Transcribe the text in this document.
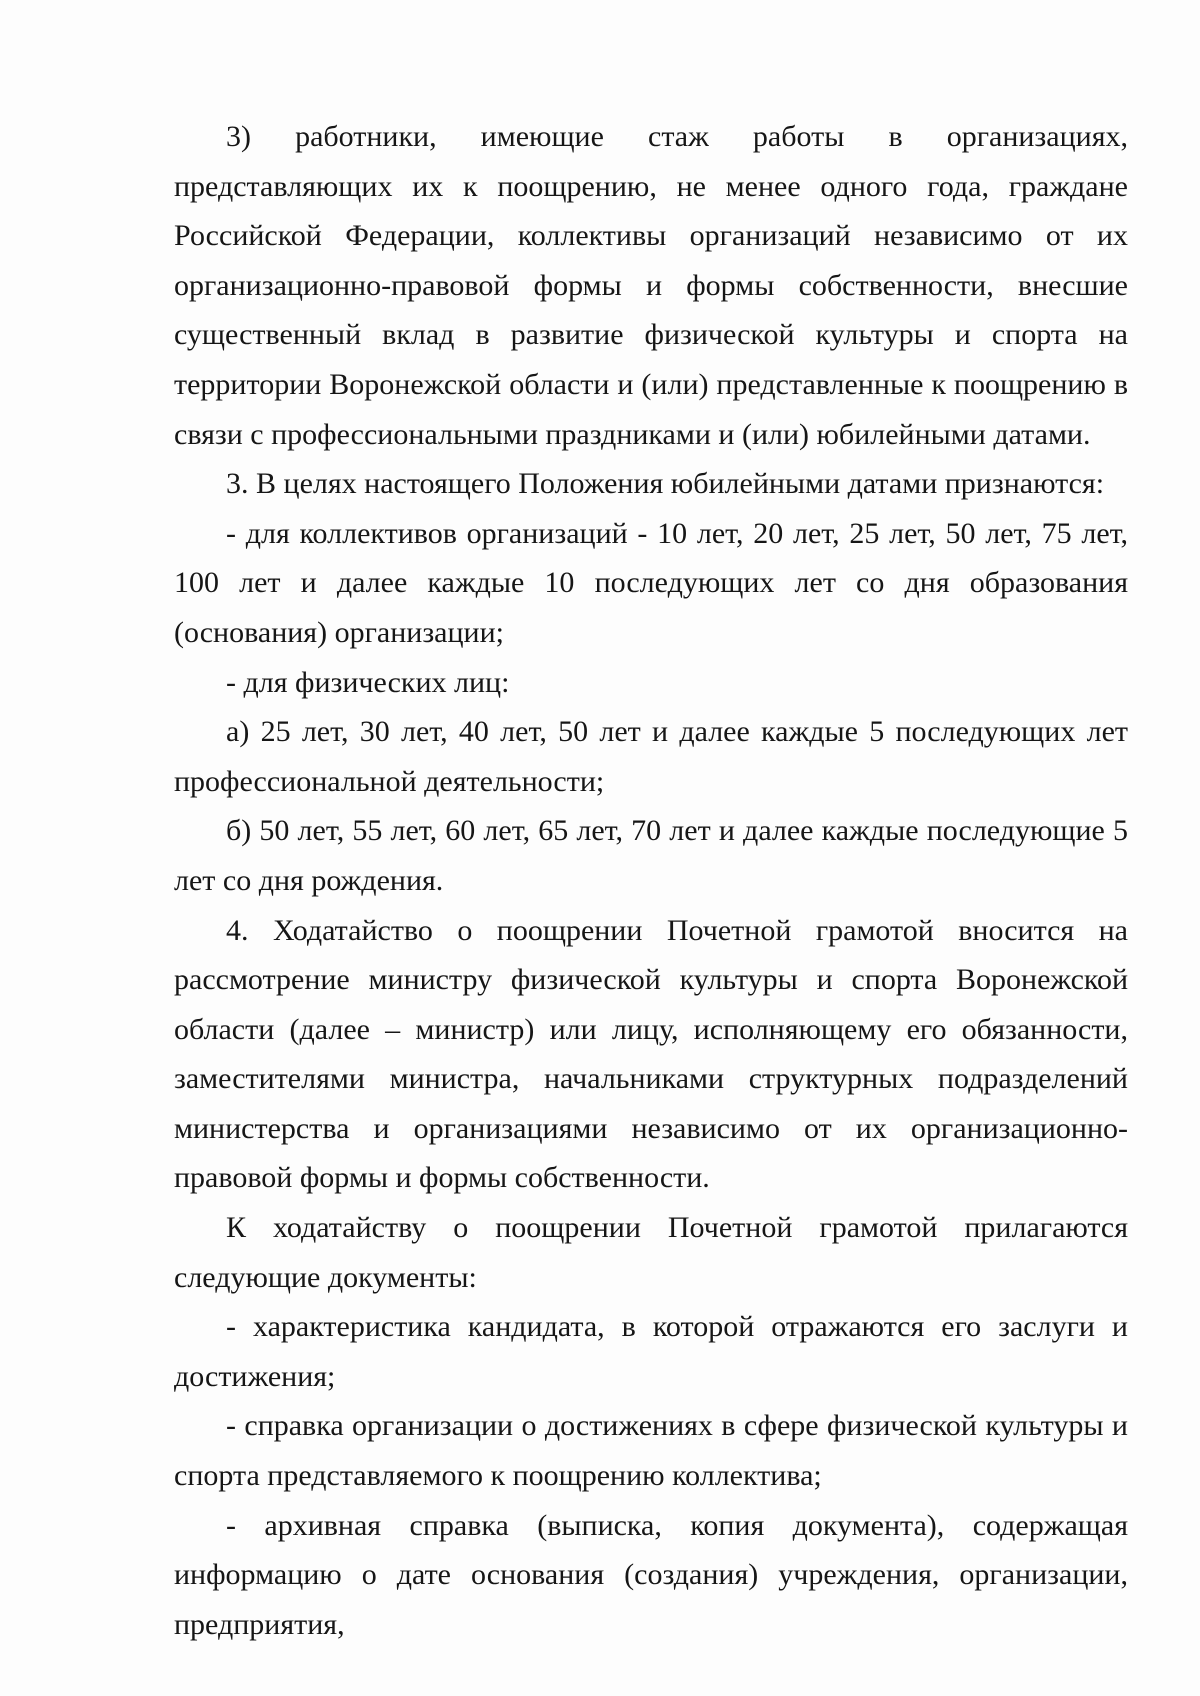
3) работники, имеющие стаж работы в организациях, представляющих их к поощрению, не менее одного года, граждане Российской Федерации, коллективы организаций независимо от их организационно-правовой формы и формы собственности, внесшие существенный вклад в развитие физической культуры и спорта на территории Воронежской области и (или) представленные к поощрению в связи с профессиональными праздниками и (или) юбилейными датами.

3. В целях настоящего Положения юбилейными датами признаются:

- для коллективов организаций - 10 лет, 20 лет, 25 лет, 50 лет, 75 лет, 100 лет и далее каждые 10 последующих лет со дня образования (основания) организации;

- для физических лиц:

а) 25 лет, 30 лет, 40 лет, 50 лет и далее каждые 5 последующих лет профессиональной деятельности;

б) 50 лет, 55 лет, 60 лет, 65 лет, 70 лет и далее каждые последующие 5 лет со дня рождения.

4. Ходатайство о поощрении Почетной грамотой вносится на рассмотрение министру физической культуры и спорта Воронежской области (далее – министр) или лицу, исполняющему его обязанности, заместителями министра, начальниками структурных подразделений министерства и организациями независимо от их организационно-правовой формы и формы собственности.

К ходатайству о поощрении Почетной грамотой прилагаются следующие документы:

- характеристика кандидата, в которой отражаются его заслуги и достижения;

- справка организации о достижениях в сфере физической культуры и спорта представляемого к поощрению коллектива;

- архивная справка (выписка, копия документа), содержащая информацию о дате основания (создания) учреждения, организации, предприятия,
